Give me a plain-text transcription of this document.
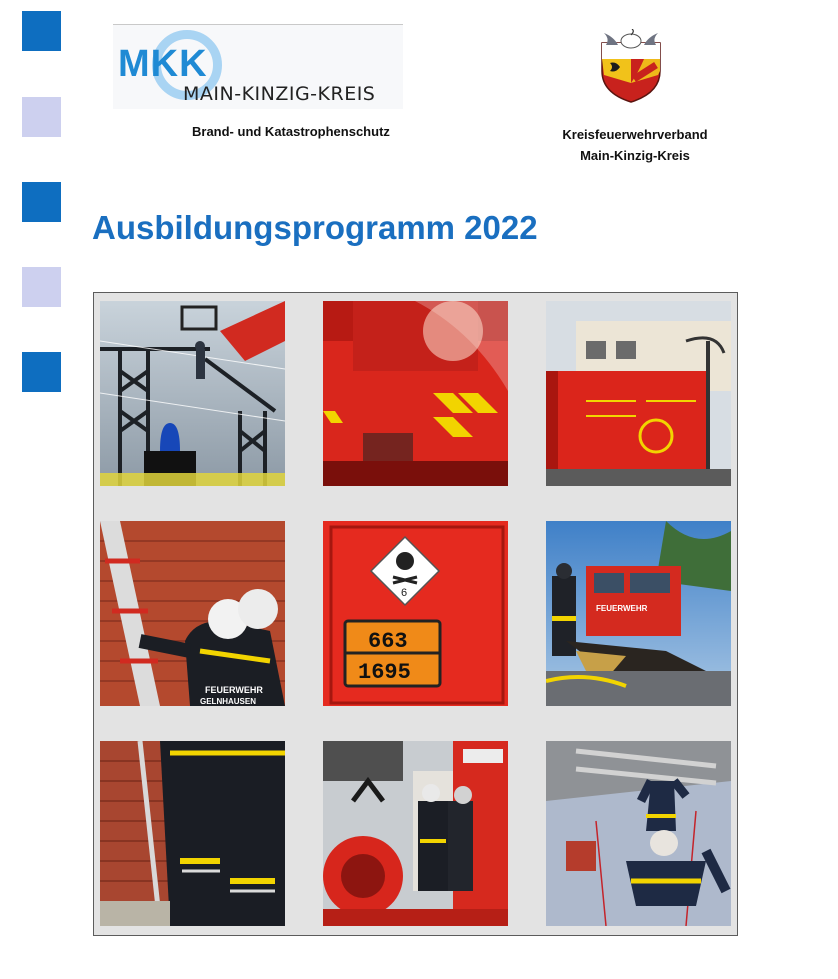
MKK
MAIN-KINZIG-KREIS
Brand- und Katastrophenschutz	Kreisfeuerwehrverband
Main-Kinzig-Kreis
Ausbildungsprogramm 2022
FEUERWEHR
GELNHAUSEN
6
663
1695
FEUERWEHR
